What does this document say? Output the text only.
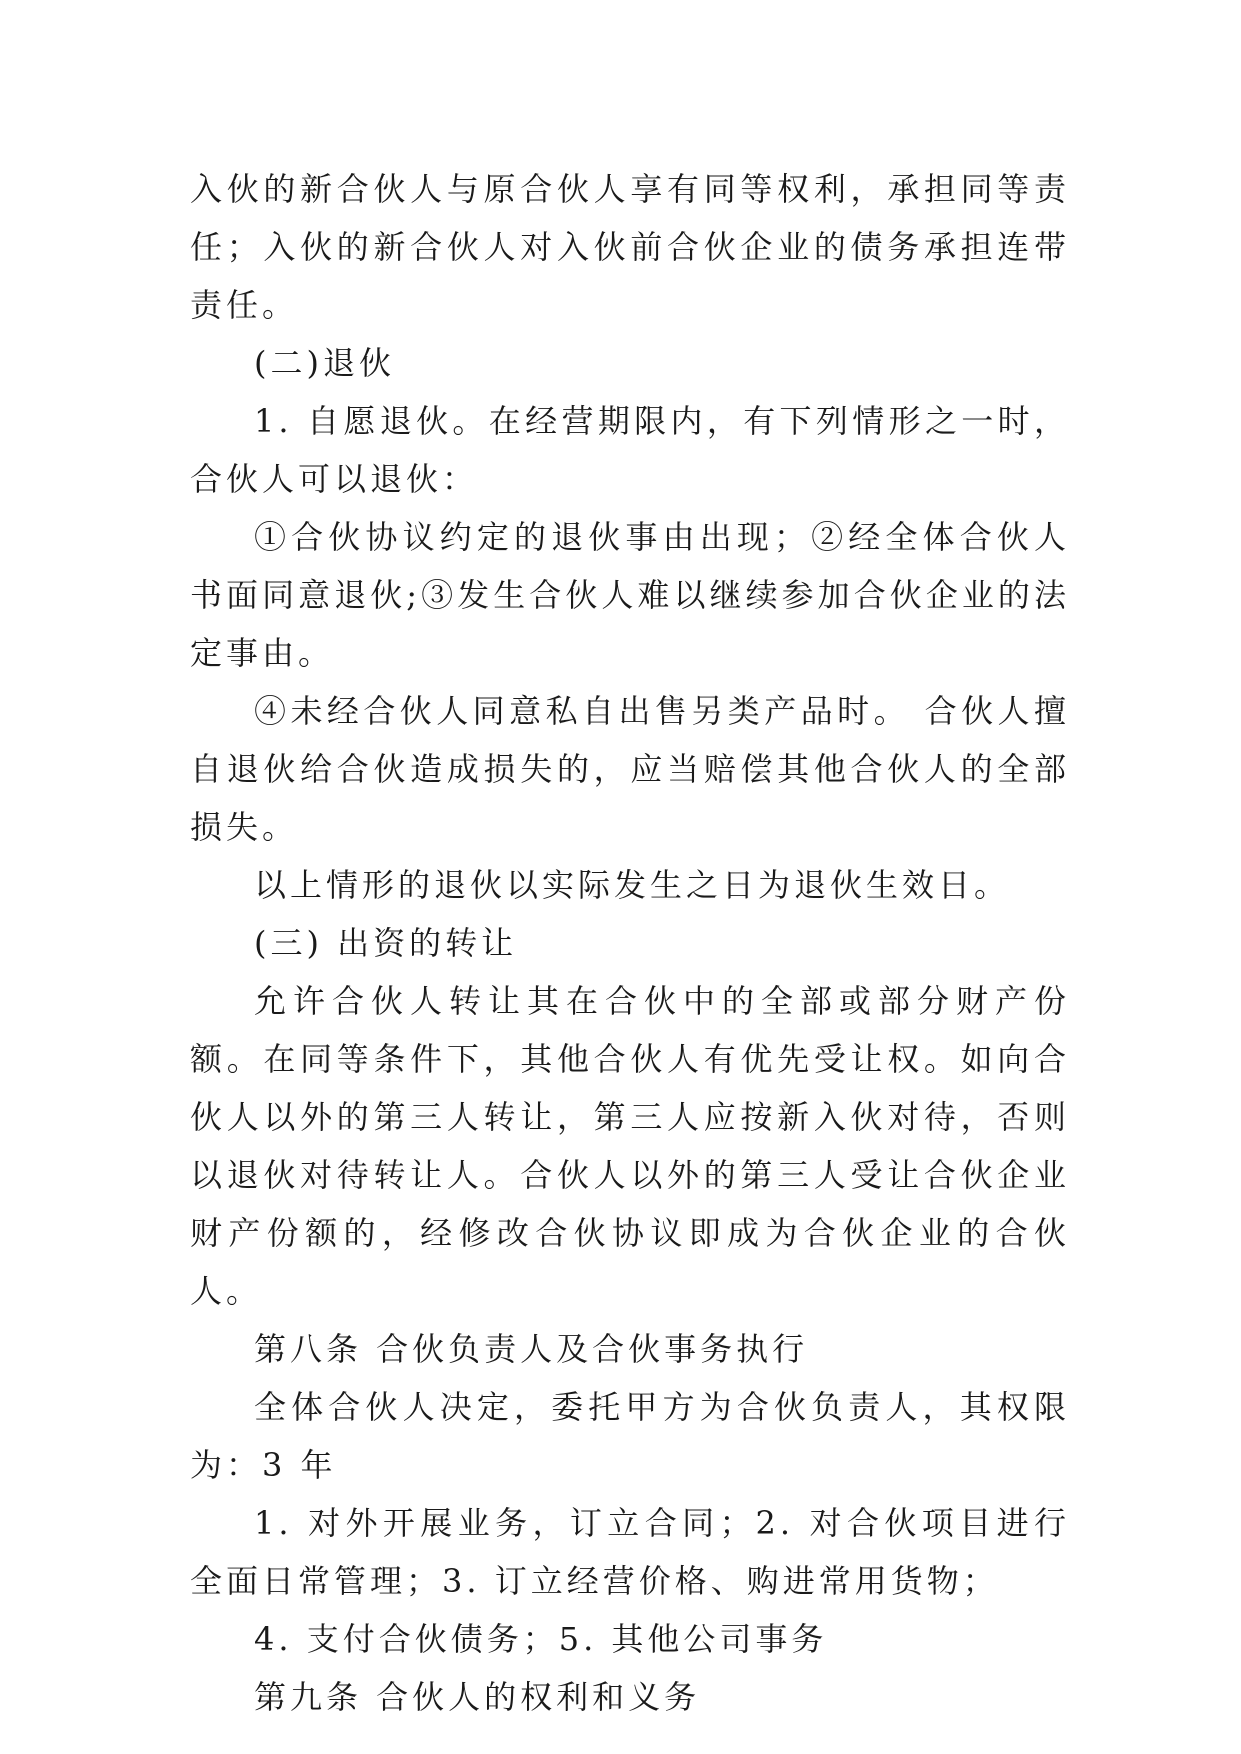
入伙的新合伙人与原合伙人享有同等权利，承担同等责任；入伙的新合伙人对入伙前合伙企业的债务承担连带责任。

(二)退伙

1. 自愿退伙。在经营期限内，有下列情形之一时，合伙人可以退伙：

①合伙协议约定的退伙事由出现；②经全体合伙人书面同意退伙;③发生合伙人难以继续参加合伙企业的法定事由。

④未经合伙人同意私自出售另类产品时。 合伙人擅自退伙给合伙造成损失的，应当赔偿其他合伙人的全部损失。

以上情形的退伙以实际发生之日为退伙生效日。

(三) 出资的转让

允许合伙人转让其在合伙中的全部或部分财产份额。在同等条件下，其他合伙人有优先受让权。如向合伙人以外的第三人转让，第三人应按新入伙对待，否则以退伙对待转让人。合伙人以外的第三人受让合伙企业财产份额的，经修改合伙协议即成为合伙企业的合伙人。

第八条 合伙负责人及合伙事务执行

全体合伙人决定，委托甲方为合伙负责人，其权限为：3 年

1. 对外开展业务，订立合同；2. 对合伙项目进行全面日常管理；3. 订立经营价格、购进常用货物；

4. 支付合伙债务；5. 其他公司事务

第九条 合伙人的权利和义务
